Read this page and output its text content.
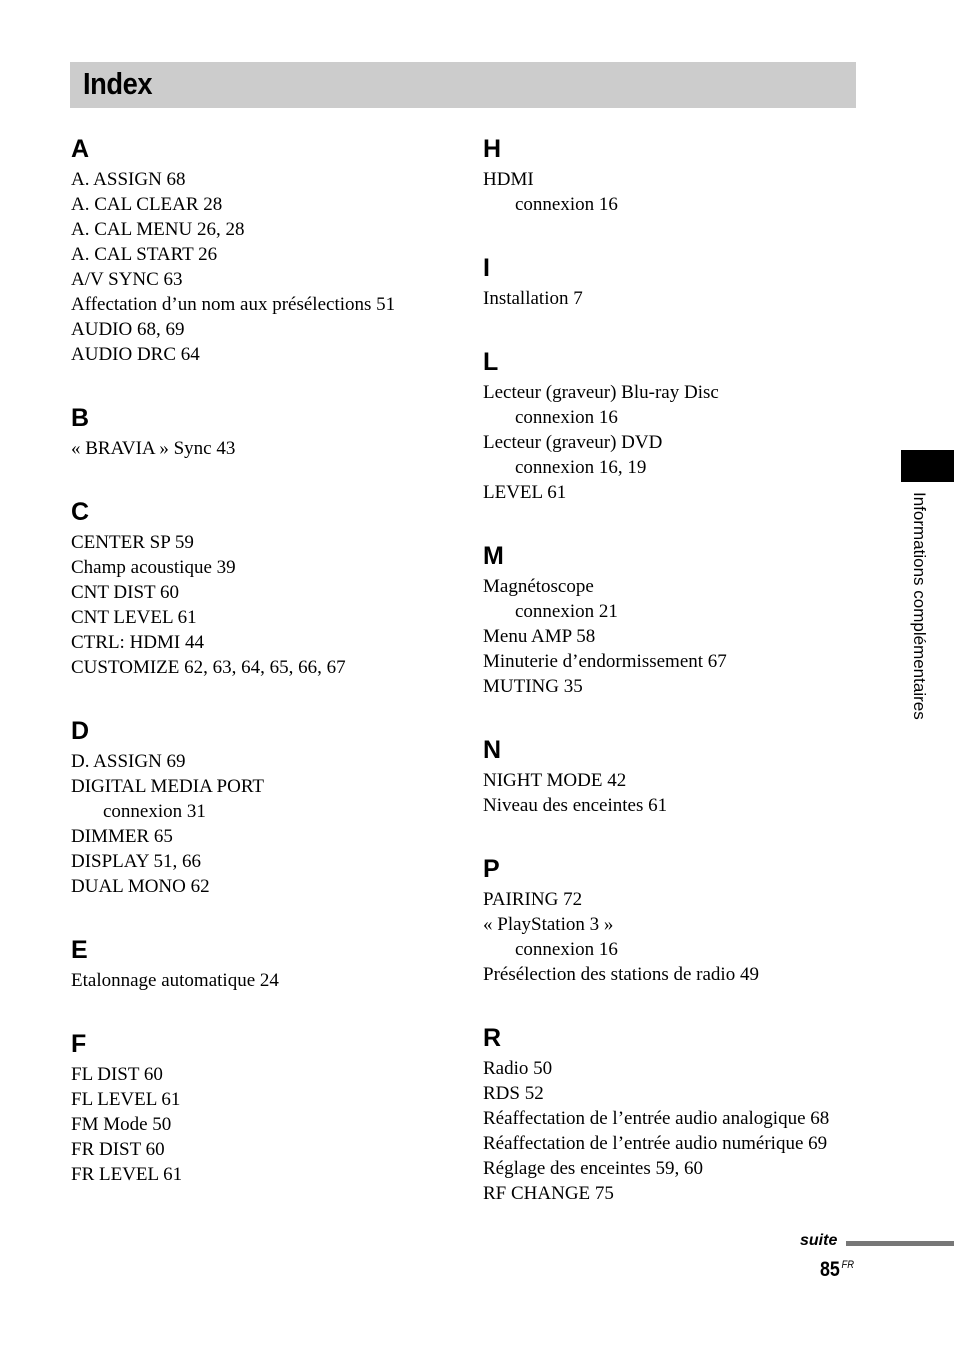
Index
A
A. ASSIGN 68
A. CAL CLEAR 28
A. CAL MENU 26, 28
A. CAL START 26
A/V SYNC 63
Affectation d’un nom aux présélections 51
AUDIO 68, 69
AUDIO DRC 64
B
« BRAVIA » Sync 43
C
CENTER SP 59
Champ acoustique 39
CNT DIST 60
CNT LEVEL 61
CTRL: HDMI 44
CUSTOMIZE 62, 63, 64, 65, 66, 67
D
D. ASSIGN 69
DIGITAL MEDIA PORT
connexion 31
DIMMER 65
DISPLAY 51, 66
DUAL MONO 62
E
Etalonnage automatique 24
F
FL DIST 60
FL LEVEL 61
FM Mode 50
FR DIST 60
FR LEVEL 61
H
HDMI
connexion 16
I
Installation 7
L
Lecteur (graveur) Blu-ray Disc
connexion 16
Lecteur (graveur) DVD
connexion 16, 19
LEVEL 61
M
Magnétoscope
connexion 21
Menu AMP 58
Minuterie d’endormissement 67
MUTING 35
N
NIGHT MODE 42
Niveau des enceintes 61
P
PAIRING 72
« PlayStation 3 »
connexion 16
Présélection des stations de radio 49
R
Radio 50
RDS 52
Réaffectation de l’entrée audio analogique 68
Réaffectation de l’entrée audio numérique 69
Réglage des enceintes 59, 60
RF CHANGE 75
Informations complémentaires
suite
85 $^{FR}$
